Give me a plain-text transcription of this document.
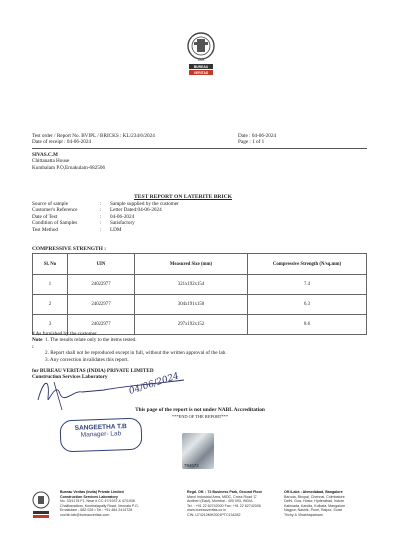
1828
BUREAU
VERITAS
Test order / Report No. BVIPL / BRICKS : KL/234/6/2024
Date of receipt : 04-06-2024
Date : 04-06-2024
Page : 1 of 1
SIVAS.C.M
Chittanatta House
Kumbalam P.O,Ernakulam-682506
TEST REPORT ON LATERITE BRICK
Source of sample	:	Sample supplied by the customer
Customer's Reference	:	Letter Dated:04-06-2024
Date of Test	:	04-06-2024
Condition of Samples	:	Satisfactory
Test Method	:	LDM
COMPRESSIVE STRENGTH :
Sl. No	UIN	Measured Size (mm)	Compressive Strength (N/sq.mm)
1	24022977	321x192x154	7.4
2	24022977	304x191x150	6.3
3	24022977	297x192x152	8.6
# As furnished by the customer
Note :
1. The results relate only to the items tested.
2. Report shall not be reproduced except in full, without the written approval of the lab.
3. Any correction invalidates this report.
for BUREAU VERITAS (INDIA) PRIVATE LIMITED
Construction Services Laboratory	04/06/2024
This page of the report is not under NABL Accreditation
***END OF THE REPORT***
SANGEETHA T.B
Manager- Lab
794672
Bureau Veritas (India) Private Limited
Construction Services Laboratory
No. 33/1178 F1, Near # CC 47/1937 & 47/1936
Chalikavattom, Kumbalapally Road, Vennala P.O,
Ernakulam - 682 028 • Tel.: +91 484 2414728
cochin.lab@bureauveritas.com
Regd. Off. : 72 Business Park, Ground Floor
Marol Industrial Area, MIDC, Cross Road 'C'
Andheri (East), Mumbai - 400 093, INDIA
Tel. : +91 22 62742000 Fax: +91 22 62742006
www.bureauveritas.co.in
CIN: U74210MH2001PTC134282
Off./Labs : Ahmedabad, Bangalore
Baroda, Bhopal, Chennai, Coimbatore
Delhi, Goa, Hosur, Hyderabad, Indore
Kakinada, Kandla, Kolkata, Mangalore
Nagpur, Nashik, Pune, Raipur, Surat
Trichy & Visakhapatnam
